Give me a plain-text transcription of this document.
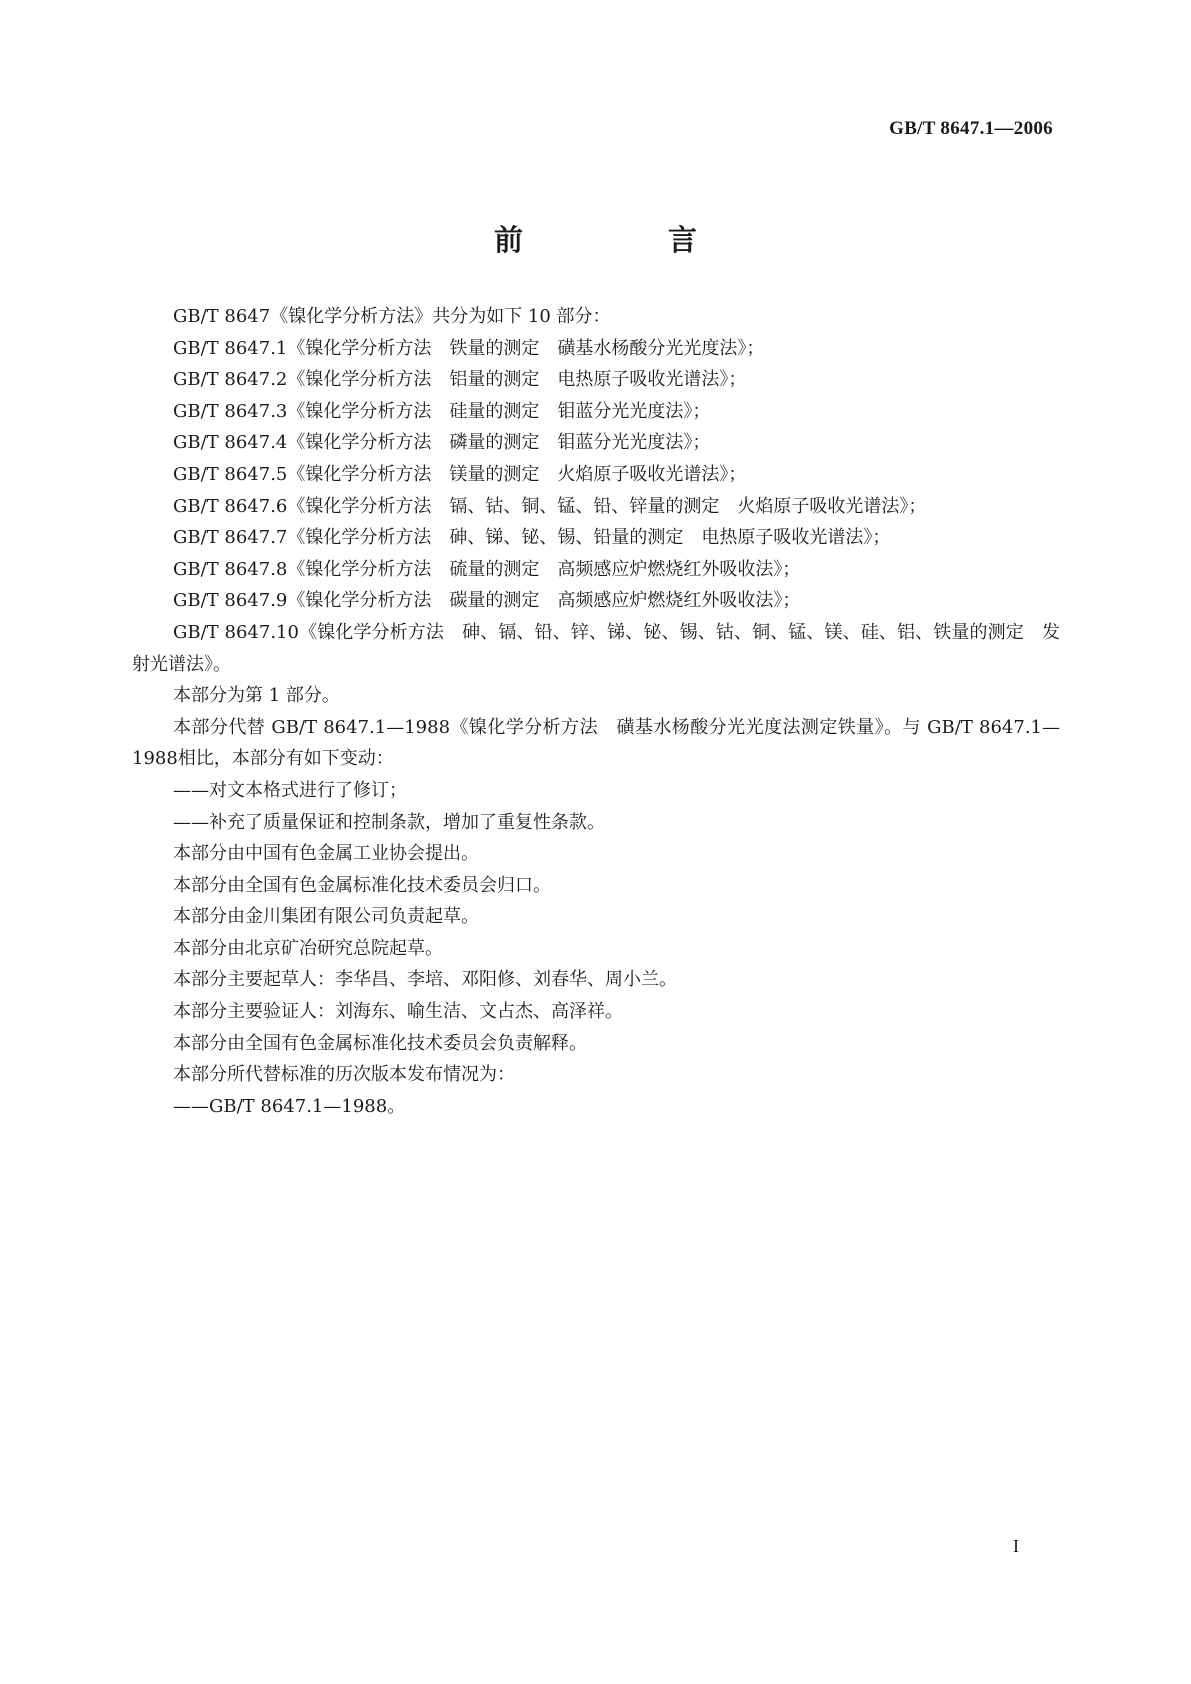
GB/T 8647.1—2006
前　言

GB/T 8647《镍化学分析方法》共分为如下 10 部分：

GB/T 8647.1《镍化学分析方法　铁量的测定　磺基水杨酸分光光度法》；

GB/T 8647.2《镍化学分析方法　铝量的测定　电热原子吸收光谱法》；

GB/T 8647.3《镍化学分析方法　硅量的测定　钼蓝分光光度法》；

GB/T 8647.4《镍化学分析方法　磷量的测定　钼蓝分光光度法》；

GB/T 8647.5《镍化学分析方法　镁量的测定　火焰原子吸收光谱法》；

GB/T 8647.6《镍化学分析方法　镉、钴、铜、锰、铅、锌量的测定　火焰原子吸收光谱法》；

GB/T 8647.7《镍化学分析方法　砷、锑、铋、锡、铅量的测定　电热原子吸收光谱法》；

GB/T 8647.8《镍化学分析方法　硫量的测定　高频感应炉燃烧红外吸收法》；

GB/T 8647.9《镍化学分析方法　碳量的测定　高频感应炉燃烧红外吸收法》；

GB/T 8647.10《镍化学分析方法　砷、镉、铅、锌、锑、铋、锡、钴、铜、锰、镁、硅、铝、铁量的测定　发射光谱法》。

本部分为第 1 部分。

本部分代替 GB/T 8647.1—1988《镍化学分析方法　磺基水杨酸分光光度法测定铁量》。与 GB/T 8647.1—1988相比，本部分有如下变动：

——对文本格式进行了修订；

——补充了质量保证和控制条款，增加了重复性条款。

本部分由中国有色金属工业协会提出。

本部分由全国有色金属标准化技术委员会归口。

本部分由金川集团有限公司负责起草。

本部分由北京矿冶研究总院起草。

本部分主要起草人：李华昌、李培、邓阳修、刘春华、周小兰。

本部分主要验证人：刘海东、喻生洁、文占杰、高泽祥。

本部分由全国有色金属标准化技术委员会负责解释。

本部分所代替标准的历次版本发布情况为：

——GB/T 8647.1—1988。

I
